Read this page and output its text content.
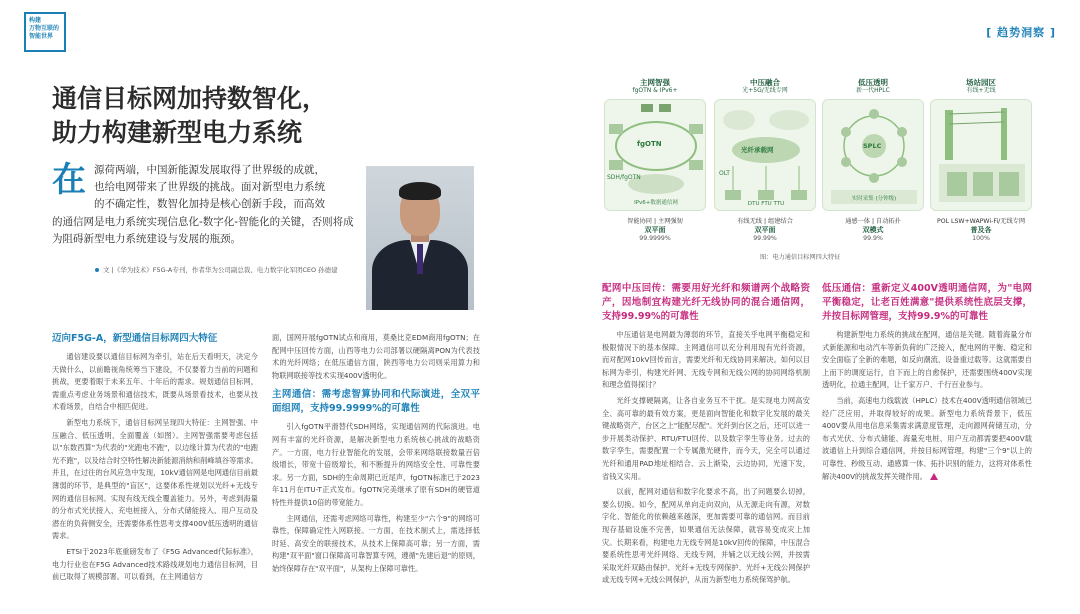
构建
万物互联的
智能世界	[ 趋势洞察 ]
通信目标网加持数智化，
助力构建新型电力系统
在 源荷两端，中国新能源发展取得了世界级的成就，
也给电网带来了世界级的挑战。面对新型电力系统
的不确定性，数智化加持是核心创新手段，而高效
的通信网是电力系统实现信息化-数字化-智能化的关键，否则将成为阻碍新型电力系统建设与发展的瓶颈。
文 |《华为技术》F5G-A专刊，作者华为公司副总裁、电力数字化军团CEO 孙德建
迈向F5G-A，新型通信目标网四大特征

通信建设要以通信目标网为牵引，站在后天看明天，决定今天做什么，以前瞻视角统筹当下建设，不仅要着力当前的问题和挑战，更要着眼于未来五年、十年后的需求。规划通信目标网，需重点考虑业务场景和通信技术，既要从场景看技术，也要从技术看场景，自结合中相匹促进。

新型电力系统下，通信目标网呈现四大特征：主网智强、中压融合、低压透明、全面覆盖（如图）。主网智强需要考虑包括以"东数西算"为代表的"光跑电不跑"，以边缘计算为代表的"电跑光不跑"，以及结合时空特性解决新能源消纳和削峰填谷等需求。并且，在过往的台风应急中发现，10kV通信网是电网通信目前最薄弱的环节，是典型的"盲区"，这要体系性规划以光纤+无线专网的通信目标网。实现有线无线全覆盖能力。另外，考虑到海量的分布式光伏接入、充电桩接入，分布式储能接入、用户互动及潜在的负荷侧安全，还需要体系性思考支撑400V低压透明的通信需求。

ETSI于2023年底重磅发布了《F5G Advanced代际标准》，电力行业也在F5G Advanced技术路线规划电力通信目标网，目前已取得了规模部署。可以看到，在主网通信方

面，国网开展fgOTN试点和商用，莫桑比克EDM商用fgOTN；在配网中压回传方面，山西等电力公司部署以硬隔离PON为代表技术的光纤网络；在低压通信方面，陕西等电力公司则采用算力和物联网联接等技术实现400V透明化。

主网通信：需考虑智算协同和代际演进，全双平面组网，支持99.9999%的可靠性

引入fgOTN平滑替代SDH网络，实现通信网的代际演进。电网有丰富的光纤资源，是解决新型电力系统核心挑战的战略资产。一方面，电力行业智能化的发展，会带来网络联接数量百倍级增长，带宽十倍级增长，和不断提升的网络安全性、可靠性要求。另一方面，SDH的生命周期已近尾声，fgOTN标准已于2023年11月在ITU-T正式发布。fgOTN完美继承了原有SDH的硬管道特性并提供10倍的带宽能力。

主网通信，还需考虑网络可靠性，构建至少"六个9"的网络可靠性，保障确定性入网联接。一方面，在技术制式上，需选择低时延、高安全的联接技术，从技术上保障高可靠；另一方面，需构建"双平面"窗口保障高可靠智算专网，遵循"先建后退"的原则，始终保障存在"双平面"，从架构上保障可靠性。

主网智强
fgOTN & IPv6+
fgOTN
SDH/fgOTN
IPv6+数据通信网
智能协同 | 主网强韧
双平面
99.9999%
中压融合
光+5G/无线专网
光纤承载网
OLT
DTU FTU TTU
有线无线 | 组建结合
双平面
99.99%
低压透明
新一代HPLC
SPLC
实时采集 (分钟级)
通感一体 | 自动拓扑
双模式
99.9%
场站园区
有线+无线
POL LSW+WAPWi-Fi/无线专网
普及各
100%
图：电力通信目标网四大特征
配网中压回传：需要用好光纤和频谱两个战略资产，因地制宜构建光纤无线协同的混合通信网，支持99.99%的可靠性

中压通信是电网最为薄弱的环节，直接关乎电网平衡稳定和极限情况下的基本保障。主网通信可以充分利用现有光纤资源，而对配网10kV回传而言，需要光纤和无线协同来解决。如何以目标网为牵引，构建光纤网、无线专网和无线公网的协同网络机制和理念值得探讨？

光纤支撑硬隔离，让各自业务互不干扰。是实现电力网高安全、高可靠的最有效方案，更是面向智能化和数字化发展的最关键战略资产，台区之上"能配尽配"。光纤到台区之后，还可以进一步开展类动保护、RTU/FTU回传、以及数字孪生等业务。过去的数字孪生，需要配置一个专属激光硬件，而今天，完全可以通过光纤和通用PAD地址相结合、云上渐染，云边协同，光速下发，省钱又实用。

以前，配网对通信和数字化要求不高，出了问题要么切掉，要么切换。如今，配网从单向走向双向，从无源走向有源，对数字化、智能化的依赖越来越深，更加需要可靠的通信网。而目前现存基础设施不完善，如果通信无法保障，就容易变成灾上加灾。长期来看，构建电力无线专网是10kV回传的保障，中压混合要系统性思考光纤网络、无线专网，并辅之以无线公网，并按需采取光纤双路由保护、光纤+无线专网保护、光纤+无线公网保护或无线专网+无线公网保护，从而为新型电力系统保驾护航。

低压通信：重新定义400V透明通信网，为"电网平衡稳定，让老百姓满意"提供系统性底层支撑，并按目标网管理，支持99.9%的可靠性

构建新型电力系统的挑战在配网，通信是关键。随着海量分布式新能源和电动汽车等新负荷的广泛接入，配电网的平衡、稳定和安全面临了全新的难题，如反向潮流、设备重过载等。这就需要自上而下的调度运行，自下而上的自愈保护，还需要围绕400V实现透明化，拉通主配网，让千家万户、千行百业参与。

当前，高速电力线载波（HPLC）技术在400V透明通信领域已经广泛应用，并取得较好的成果。新型电力系统背景下，低压400V要从用电信息采集需求满意度管理，走向源网荷储互动，分布式光伏、分布式储能、海量充电桩、用户互动都需要把400V载波通信上升到综合通信网，并按目标网管理，构建"三个9"以上的可靠性、秒级互动、通感算一体、拓扑识别的能力，这将对体系性解决400V的挑战发挥关键作用。
